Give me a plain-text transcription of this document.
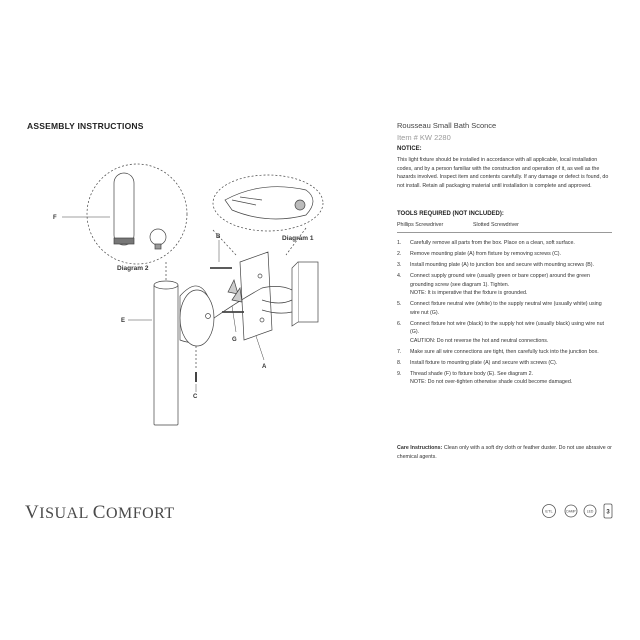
ASSEMBLY INSTRUCTIONS	Rousseau Small Bath Sconce
Item # KW 2280
NOTICE:
This light fixture should be installed in accordance with all applicable, local installation codes, and by a person familiar with the construction and operation of it, as well as the hazards involved. Inspect item and contents carefully. If any damage or defect is found, do not install. Retain all packaging material until installation is complete and approved.
TOOLS REQUIRED (NOT INCLUDED):
Phillips Screwdriver	Slotted Screwdriver
1. Carefully remove all parts from the box. Place on a clean, soft surface.
2. Remove mounting plate (A) from fixture by removing screws (C).
3. Install mounting plate (A) to junction box and secure with mounting screws (B).
4. Connect supply ground wire (usually green or bare copper) around the green grounding screw (see diagram 1). Tighten.
NOTE: It is imperative that the fixture is grounded.
5. Connect fixture neutral wire (white) to the supply neutral wire (usually white) using wire nut (G).
6. Connect fixture hot wire (black) to the supply hot wire (usually black) using wire nut (G).
CAUTION: Do not reverse the hot and neutral connections.
7. Make sure all wire connections are tight, then carefully tuck into the junction box.
8. Install fixture to mounting plate (A) and secure with screws (C).
9. Thread shade (F) to fixture body (E). See diagram 2.
NOTE: Do not over-tighten otherwise shade could become damaged.
Care Instructions: Clean only with a soft dry cloth or feather duster. Do not use abrasive or chemical agents.
VISUAL COMFORT	ETL	DAMP	LED 3
Diagram 2
Diagram 1
F
E
B
G
A
C
